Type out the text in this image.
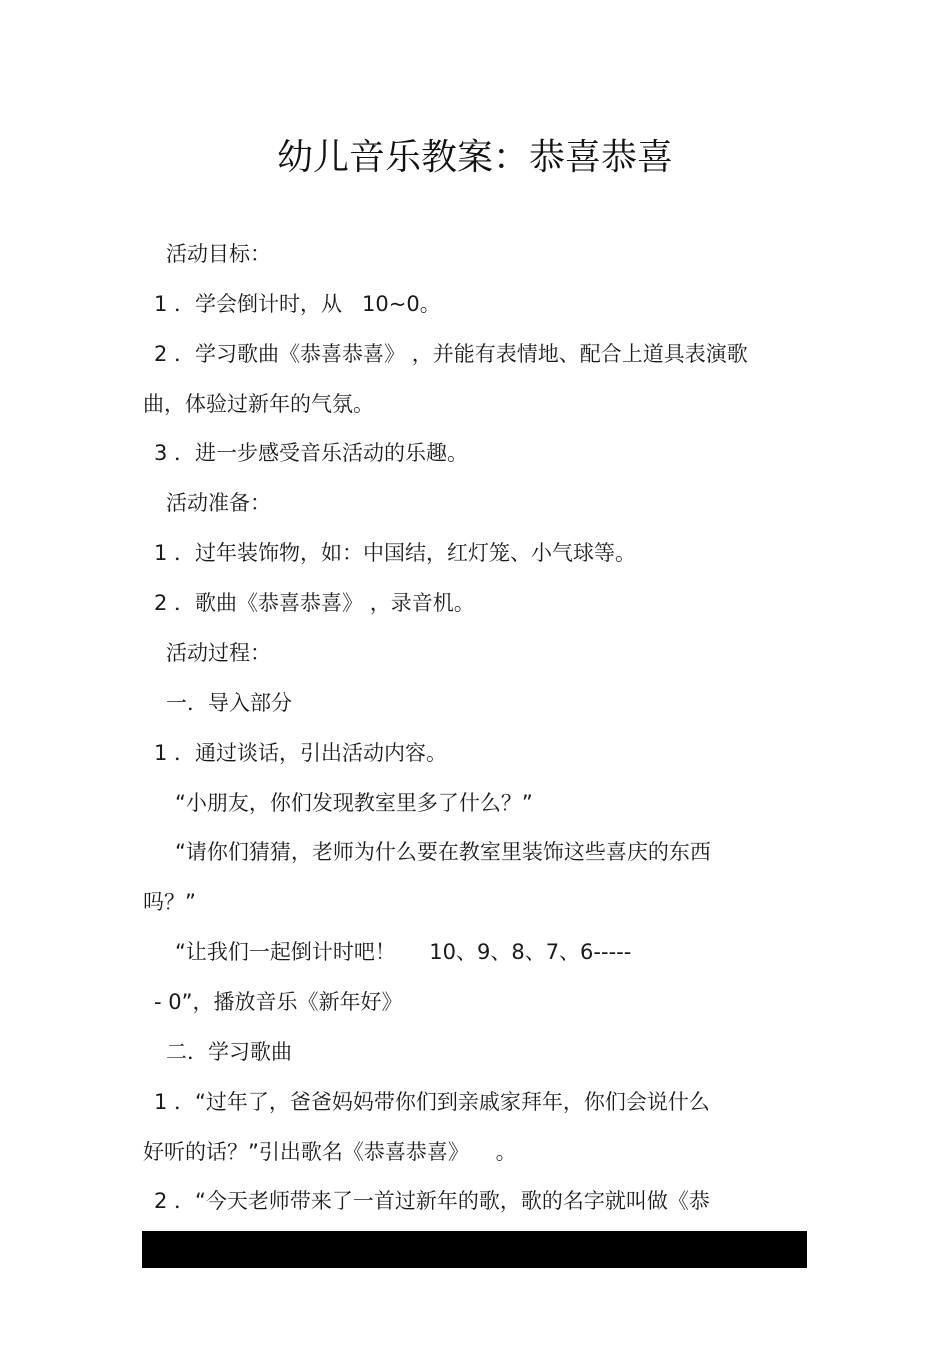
幼儿音乐教案：恭喜恭喜
活动目标：
1 ．学会倒计时，从   10~0。
2 ．学习歌曲《恭喜恭喜》 ，并能有表情地、配合上道具表演歌
曲，体验过新年的气氛。
3 ．进一步感受音乐活动的乐趣。
活动准备：
1 ．过年装饰物，如：中国结，红灯笼、小气球等。
2 ．歌曲《恭喜恭喜》 ，录音机。
活动过程：
一．导入部分
1 ．通过谈话，引出活动内容。
“小朋友，你们发现教室里多了什么？”
“请你们猜猜，老师为什么要在教室里装饰这些喜庆的东西
吗？”
“让我们一起倒计时吧！     10、9、8、7、6-----
- 0”，播放音乐《新年好》
二．学习歌曲
1 ．“过年了，爸爸妈妈带你们到亲戚家拜年，你们会说什么
好听的话？”引出歌名《恭喜恭喜》    。
2 ．“今天老师带来了一首过新年的歌，歌的名字就叫做《恭
